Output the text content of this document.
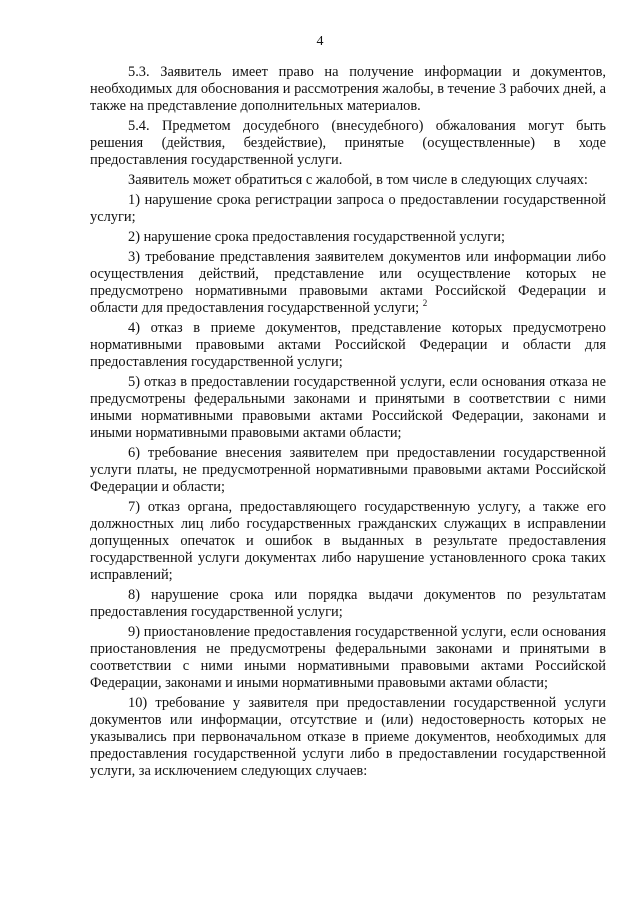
4

5.3. Заявитель имеет право на получение информации и документов, необходимых для обоснования и рассмотрения жалобы, в течение 3 рабочих дней, а также на представление дополнительных материалов.

5.4. Предметом досудебного (внесудебного) обжалования могут быть решения (действия, бездействие), принятые (осуществленные) в ходе предоставления государственной услуги.

Заявитель может обратиться с жалобой, в том числе в следующих случаях:

1) нарушение срока регистрации запроса о предоставлении государственной услуги;

2) нарушение срока предоставления государственной услуги;

3) требование представления заявителем документов или информации либо осуществления действий, представление или осуществление которых не предусмотрено нормативными правовыми актами Российской Федерации и области для предоставления государственной услуги; $^2$

4) отказ в приеме документов, представление которых предусмотрено нормативными правовыми актами Российской Федерации и области для предоставления государственной услуги;

5) отказ в предоставлении государственной услуги, если основания отказа не предусмотрены федеральными законами и принятыми в соответствии с ними иными нормативными правовыми актами Российской Федерации, законами и иными нормативными правовыми актами области;

6) требование внесения заявителем при предоставлении государственной услуги платы, не предусмотренной нормативными правовыми актами Российской Федерации и области;

7) отказ органа, предоставляющего государственную услугу, а также его должностных лиц либо государственных гражданских служащих в исправлении допущенных опечаток и ошибок в выданных в результате предоставления государственной услуги документах либо нарушение установленного срока таких исправлений;

8) нарушение срока или порядка выдачи документов по результатам предоставления государственной услуги;

9) приостановление предоставления государственной услуги, если основания приостановления не предусмотрены федеральными законами и принятыми в соответствии с ними иными нормативными правовыми актами Российской Федерации, законами и иными нормативными правовыми актами области;

10) требование у заявителя при предоставлении государственной услуги документов или информации, отсутствие и (или) недостоверность которых не указывались при первоначальном отказе в приеме документов, необходимых для предоставления государственной услуги либо в предоставлении государственной услуги, за исключением следующих случаев:
